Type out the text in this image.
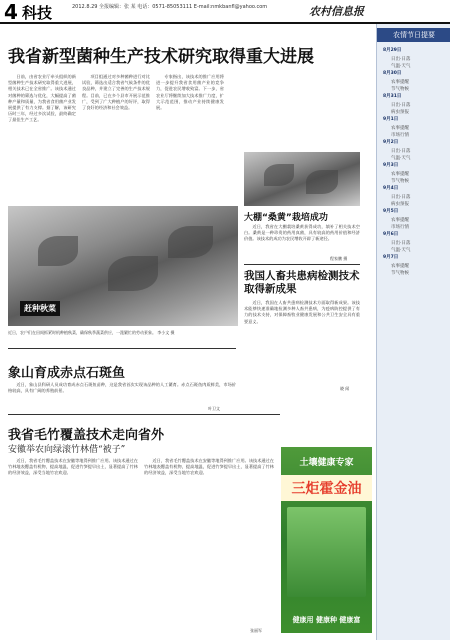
4 科技	2012.8.29 全报编辑：张 某 电话：0571-85053111 E-mail:nmkbanfl@yahoo.com	农村信息报
我省新型菌种生产技术研究取得重大进展

日前，由省农业厅牵头组织的新型菌种生产技术研究取得重大进展，相关技术已在全省推广。该技术通过对菌种的筛选与优化，大幅提高了菌种产量和质量，为我省食用菌产业发展提供了有力支撑。据了解，该研究历时三年，经过多次试验，最终确定了最佳生产工艺。

项目组通过对多种菌种进行对比试验，筛选出适合我省气候条件的优良品种，并建立了完善的生产技术规程。目前，已在多个县市开展示范推广，受到了广大种植户的好评，取得了良好的经济和社会效益。

专家指出，该技术的推广应用将进一步提升我省食用菌产业的竞争力，促进农民增收致富。下一步，省农业厅将继续加大技术推广力度，扩大示范范围，推动产业持续健康发展。

赶种秋菜
近日，农户们在田间抓紧时机种植秋菜，确保秋季蔬菜供应，一派繁忙的劳动景象。 李小文 摄
大棚“桑黄”栽培成功

近日，我省在大棚栽培桑黄获得成功，填补了相关技术空白。桑黄是一种珍贵的药用真菌，具有较高的药用价值和经济价值。该技术的成功为农民增收开辟了新途径。

程家鹏 摄
我国人畜共患病检测技术取得新成果

近日，我国在人畜共患病检测技术方面取得新成果。该技术能够快速准确地检测多种人畜共患病，为疫病防控提供了有力的技术支持，对保障畜牧业健康发展和公共卫生安全具有重要意义。

晓 闻
象山育成赤点石斑鱼

近日，象山县科研人员成功育成赤点石斑鱼苗种，这是我省首次实现该品种的人工繁育。赤点石斑鱼肉质鲜美，市场价格较高，具有广阔的养殖前景。

叶卫文
我省毛竹覆盖技术走向省外
安徽举农向绿滚竹林借“被子”

近日，我省毛竹覆盖技术在安徽等地得到推广应用。该技术通过在竹林地表覆盖有机物，提高地温，促进竹笋提早出土，显著提高了竹林的经济效益，深受当地竹农欢迎。

近日，我省毛竹覆盖技术在安徽等地得到推广应用。该技术通过在竹林地表覆盖有机物，提高地温，促进竹笋提早出土，显著提高了竹林的经济效益，深受当地竹农欢迎。

张丽军
土壤健康专家
三炬霍金油
健康用 健康种 健康富
农情节日提要
8月29日
日出·日落
气温·天气
8月30日
农事提醒
节气物候
8月31日
日出·日落
病虫预报
9月1日
农事提醒
市场行情
9月2日
日出·日落
气温·天气
9月3日
农事提醒
节气物候
9月4日
日出·日落
病虫预报
9月5日
农事提醒
市场行情
9月6日
日出·日落
气温·天气
9月7日
农事提醒
节气物候
